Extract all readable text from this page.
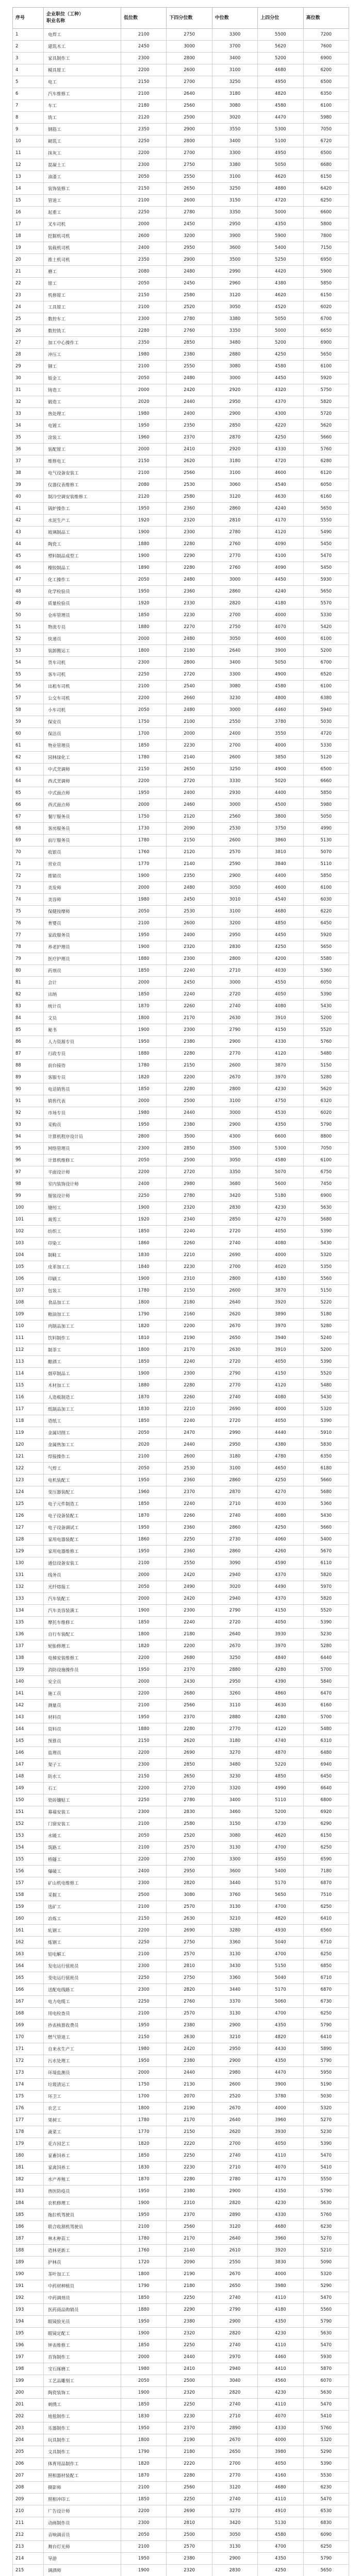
序号	企业职位（工种）
职业名称	低位数	下四分位数	中位数	上四分位	高位数
1	电焊工	2100	2750	3300	5500	7200
2	建筑木工	2450	3000	3700	5620	7600
3	家具制作工	2300	2800	3400	5200	6900
4	模具钳工	2200	2600	3100	4680	6200
5	电工	2150	2700	3250	4950	6500
6	汽车维修工	2100	2640	3180	4820	6350
7	车工	2180	2560	3080	4580	6100
8	铣工	2120	2500	3020	4470	5980
9	钢筋工	2350	2900	3550	5300	7050
10	砌筑工	2250	2800	3400	5100	6720
11	抹灰工	2200	2700	3300	4950	6500
12	混凝土工	2300	2750	3380	5050	6680
13	油漆工	2050	2550	3100	4620	6150
14	装饰装修工	2150	2650	3250	4880	6420
15	管道工	2100	2600	3150	4720	6250
16	起重工	2250	2780	3350	5000	6600
17	叉车司机	2000	2450	2950	4350	5800
18	挖掘机司机	2600	3200	3900	5900	7800
19	装载机司机	2400	2950	3600	5400	7150
20	推土机司机	2350	2900	3500	5250	6950
21	磨工	2080	2480	2990	4420	5900
22	钳工	2050	2450	2960	4380	5850
23	机修钳工	2150	2580	3120	4620	6150
24	工具钳工	2100	2520	3050	4520	6020
25	数控车工	2300	2780	3380	5050	6700
26	数控铣工	2280	2760	3350	5000	6650
27	加工中心操作工	2350	2850	3480	5200	6900
28	冲压工	1980	2380	2880	4250	5650
29	铆工	2100	2550	3080	4580	6100
30	钣金工	2050	2480	3000	4450	5920
31	铸造工	2000	2420	2920	4320	5750
32	锻造工	2020	2440	2950	4370	5820
33	热处理工	1980	2400	2900	4300	5720
34	电镀工	1950	2350	2850	4220	5620
35	涂装工	1960	2370	2870	4250	5660
36	装配钳工	2000	2410	2920	4330	5760
37	维修电工	2150	2620	3180	4720	6280
38	电气设备安装工	2100	2560	3100	4600	6120
39	仪器仪表维修工	2080	2530	3060	4540	6050
40	制冷空调安装维修工	2120	2580	3120	4630	6160
41	锅炉操作工	1950	2360	2860	4240	5650
42	水泥生产工	1920	2320	2810	4170	5550
43	玻璃制品工	1900	2300	2780	4120	5490
44	陶瓷工	1880	2280	2760	4090	5450
45	塑料制品成型工	1900	2290	2770	4100	5470
46	橡胶制品工	1890	2280	2760	4090	5450
47	化工操作工	2050	2480	3000	4450	5930
48	化学检验员	1950	2360	2860	4240	5650
49	质量检验员	1920	2330	2820	4180	5570
50	仓库管理员	1850	2230	2700	4000	5330
51	物流专员	1880	2270	2750	4070	5420
52	快递员	2000	2480	3050	4600	6100
53	装卸搬运工	1800	2180	2640	3900	5200
54	货车司机	2300	2800	3400	5050	6700
55	客车司机	2250	2720	3300	4900	6520
56	出租车司机	2100	2540	3080	4580	6100
57	公交车司机	2200	2660	3230	4800	6380
58	小车司机	2050	2480	3000	4460	5940
59	保安员	1750	2100	2550	3780	5030
60	保洁员	1700	2000	2400	3550	4720
61	物业管理员	1850	2230	2700	4000	5330
62	园林绿化工	1780	2140	2600	3850	5120
63	中式烹调师	2150	2650	3250	4900	6500
64	西式烹调师	2200	2720	3330	5020	6660
65	中式面点师	1950	2400	2930	4400	5850
66	西式面点师	2000	2460	3000	4500	5980
67	餐厅服务员	1750	2120	2560	3800	5050
68	客房服务员	1730	2090	2530	3750	4990
69	前厅服务员	1780	2150	2600	3860	5130
70	收银员	1760	2120	2570	3810	5070
71	营业员	1770	2140	2590	3840	5110
72	推销员	1900	2350	2900	4400	5850
73	美发师	2000	2480	3050	4600	6100
74	美容师	1980	2450	3010	4540	6030
75	保健按摩师	2050	2530	3100	4680	6220
76	育婴员	2100	2600	3200	4850	6450
77	家政服务员	1950	2400	2950	4450	5920
78	养老护理员	1900	2320	2830	4250	5650
79	医疗护理员	1880	2300	2800	4200	5580
80	药剂员	1850	2240	2710	4030	5360
81	会计	2000	2450	3000	4550	6050
82	出纳	1850	2240	2720	4050	5390
83	统计员	1870	2260	2740	4080	5430
84	文员	1800	2170	2630	3910	5200
85	秘书	1900	2300	2790	4150	5520
86	人力资源专员	1950	2380	2900	4330	5760
87	行政专员	1880	2280	2770	4120	5480
88	前台接待	1780	2150	2600	3870	5150
89	客服专员	1820	2200	2670	3970	5280
90	电话销售员	1850	2280	2800	4230	5620
91	销售代表	2000	2500	3100	4750	6320
92	市场专员	1980	2440	3000	4530	6020
93	采购员	1950	2380	2900	4350	5790
94	计算机程序设计员	2800	3500	4300	6600	8800
95	网络管理员	2300	2850	3500	5300	7050
96	计算机维修工	2050	2500	3050	4580	6100
97	平面设计师	2200	2720	3350	5070	6750
98	室内装饰设计师	2400	2980	3680	5600	7450
99	服装设计师	2250	2780	3420	5180	6900
100	缝纫工	1900	2320	2830	4230	5630
101	裁剪工	1920	2340	2850	4270	5680
102	纺织工	1850	2240	2720	4050	5390
103	印染工	1860	2260	2740	4080	5430
104	制鞋工	1830	2210	2690	4000	5320
105	皮革加工工	1840	2230	2700	4020	5350
106	印刷工	1900	2310	2800	4180	5560
107	包装工	1780	2150	2600	3870	5150
108	食品加工工	1800	2180	2640	3920	5220
109	粮油加工工	1790	2160	2620	3890	5180
110	肉制品加工工	1820	2200	2670	3970	5280
111	饮料制作工	1810	2190	2650	3940	5240
112	制茶工	1800	2170	2630	3910	5200
113	酿酒工	1850	2240	2720	4050	5390
114	烟草制品工	1900	2300	2790	4150	5520
115	木材加工工	1880	2280	2770	4120	5480
116	人造板制造工	1870	2260	2740	4080	5430
117	纸制品加工工	1830	2210	2690	4000	5320
118	造纸工	1850	2240	2720	4050	5390
119	金属切削工	2050	2470	2990	4440	5910
120	金属热加工工	2020	2440	2950	4380	5830
121	焊接操作工	2100	2600	3180	4780	6350
122	气焊工	2050	2530	3100	4650	6180
123	电机装配工	1950	2360	2860	4250	5660
124	变压器装配工	1960	2370	2870	4270	5680
125	电子元件制造工	1850	2240	2710	4030	5360
126	电子设备装配工	1870	2260	2740	4080	5430
127	电子设备调试工	1950	2360	2860	4250	5660
128	家用电器装配工	1860	2250	2730	4060	5400
129	家用电器维修工	1950	2360	2860	4260	5670
130	通信设备安装工	2100	2550	3090	4590	6110
131	线务员	2000	2420	2940	4370	5820
132	光纤熔接工	2050	2490	3020	4490	5970
133	汽车装配工	2000	2420	2940	4370	5820
134	汽车美容装潢工	1900	2300	2790	4150	5520
135	摩托车维修工	1850	2240	2720	4050	5390
136	自行车装配工	1800	2180	2640	3930	5230
137	轮胎修理工	1820	2200	2670	3970	5280
138	电梯安装维修工	2200	2680	3250	4840	6440
139	消防设施操作员	1950	2370	2880	4280	5700
140	安全员	2000	2430	2950	4390	5840
141	施工员	2200	2680	3260	4860	6470
142	测量员	2100	2560	3110	4630	6160
143	材料员	1950	2370	2880	4280	5700
144	资料员	1880	2280	2770	4120	5480
145	预算员	2150	2620	3180	4740	6310
146	监理员	2200	2690	3270	4870	6480
147	架子工	2300	2850	3480	5220	6940
148	防水工	2150	2650	3230	4850	6450
149	石工	2200	2720	3320	4990	6640
150	瓷砖镶贴工	2250	2780	3400	5110	6800
151	幕墙安装工	2300	2830	3460	5200	6920
152	门窗安装工	2100	2580	3150	4730	6290
153	水暖工	2050	2520	3080	4620	6150
154	筑路工	2100	2570	3130	4700	6250
155	桥隧工	2200	2700	3300	4950	6590
156	爆破工	2400	2950	3600	5400	7180
157	矿山机电维修工	2300	2820	3440	5170	6870
158	采掘工	2500	3080	3760	5650	7510
159	选矿工	2100	2570	3130	4700	6250
160	冶炼工	2150	2630	3210	4820	6410
161	轧钢工	2200	2690	3280	4930	6560
162	炼钢工	2250	2750	3360	5040	6710
163	铝电解工	2100	2570	3130	4700	6250
164	发电运行值班员	2300	2810	3430	5150	6850
165	变电运行值班员	2250	2750	3360	5040	6710
166	送配电线路工	2300	2820	3440	5170	6870
167	电力电缆工	2250	2760	3370	5060	6730
168	用电检查员	2100	2570	3130	4700	6250
169	抄表核算收费员	1950	2380	2900	4350	5790
170	燃气管道工	2150	2630	3210	4820	6410
171	自来水生产工	1980	2420	2950	4430	5890
172	污水处理工	1950	2380	2900	4350	5790
173	环境监测员	2000	2440	2980	4470	5950
174	垃圾清运工	1750	2130	2600	3900	5190
175	环卫工	1700	2070	2520	3780	5030
176	农艺工	1800	2190	2670	4000	5320
177	果树工	1780	2170	2640	3960	5270
178	蔬菜工	1770	2150	2620	3930	5230
179	花卉园艺工	1820	2220	2700	4050	5390
180	家畜饲养工	1850	2250	2740	4110	5470
181	家禽饲养工	1830	2230	2710	4070	5410
182	水产养殖工	1870	2280	2780	4170	5550
183	兽医防疫员	1950	2380	2900	4350	5790
184	农机修理工	1900	2310	2820	4230	5630
185	拖拉机驾驶员	1950	2370	2890	4330	5760
186	联合收割机驾驶员	2100	2560	3120	4680	6230
187	林木种苗工	1780	2170	2640	3960	5270
188	造林更新工	1760	2140	2610	3920	5210
189	护林员	1720	2090	2550	3830	5090
190	茶叶加工工	1800	2190	2670	4000	5320
191	中药材种植员	1790	2180	2650	3980	5290
192	中药调剂员	1850	2250	2740	4110	5470
193	医药商品购销员	1880	2290	2790	4180	5560
194	眼镜验光员	1950	2380	2900	4350	5790
195	眼镜定配工	1900	2320	2820	4230	5630
196	钟表维修工	1850	2250	2740	4110	5470
197	首饰制作工	2000	2440	2970	4460	5930
198	宝石琢磨工	1980	2410	2940	4410	5870
199	工艺品雕刻工	2050	2500	3040	4560	6070
200	陶瓷装饰工	1900	2320	2820	4230	5630
201	刺绣工	1850	2250	2740	4110	5470
202	地毯制作工	1830	2230	2710	4070	5410
203	乐器制作工	1950	2370	2890	4330	5760
204	玩具制作工	1800	2190	2670	4000	5320
205	文具制作工	1790	2180	2650	3980	5290
206	体育用品制作工	1820	2220	2700	4050	5390
207	照相器材装配工	1870	2280	2770	4160	5530
208	摄影师	2100	2560	3120	4680	6230
209	照相冲印工	1850	2250	2740	4110	5470
210	广告设计师	2200	2690	3270	4910	6530
211	动画制作员	2300	2810	3420	5130	6830
212	音响调音员	2050	2500	3050	4580	6090
213	舞台灯光师	2100	2570	3130	4700	6250
214	导游	1950	2380	2900	4350	5790
215	调酒师	1900	2320	2830	4250	5650
